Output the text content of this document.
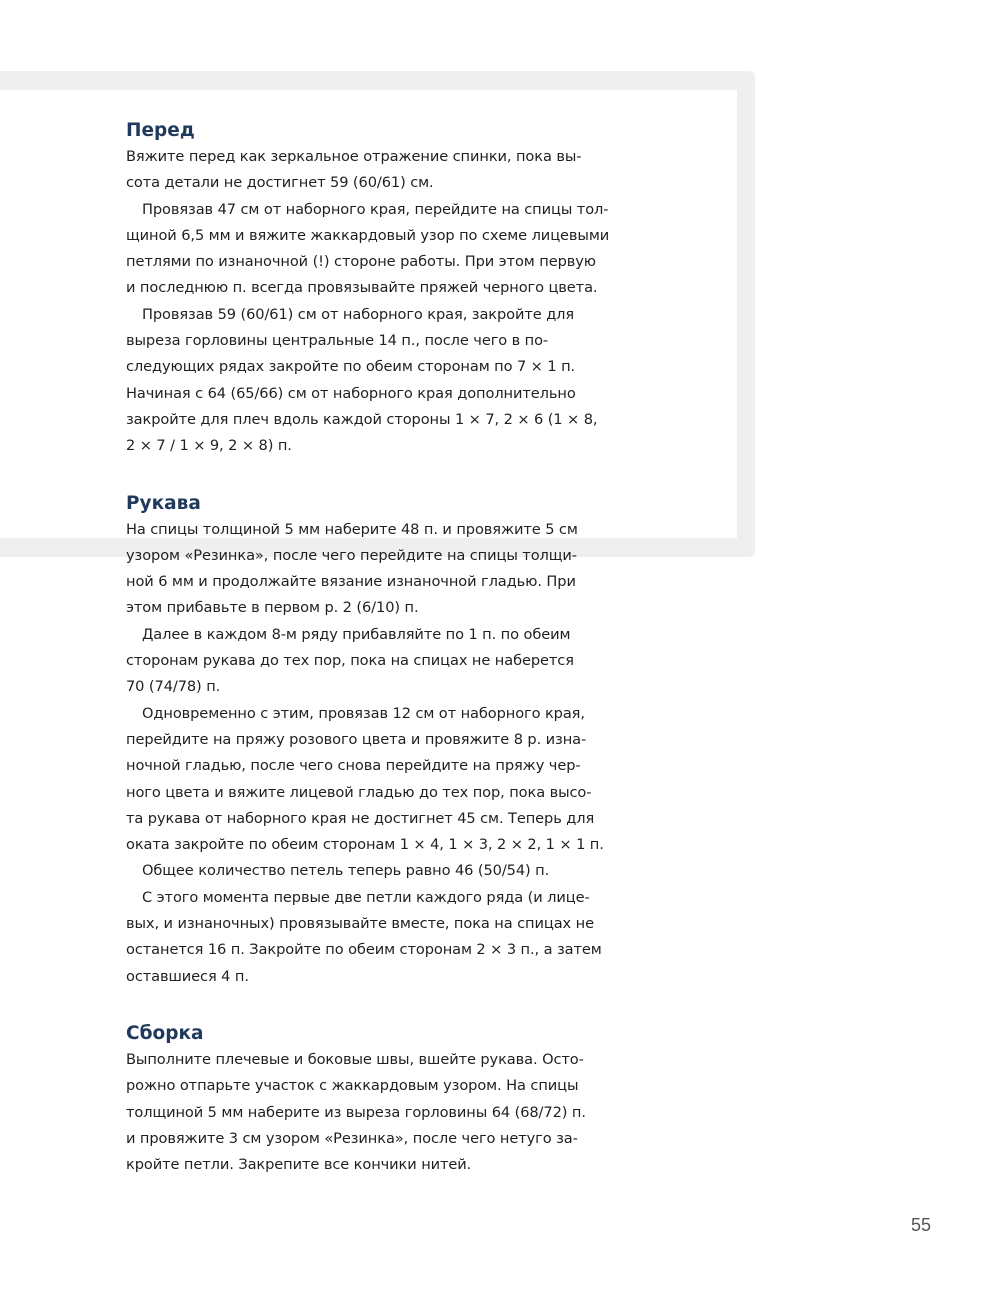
Перед
Вяжите перед как зеркальное отражение спинки, пока вы-
сота детали не достигнет 59 (60/61) см.
Провязав 47 см от наборного края, перейдите на спицы тол-
щиной 6,5 мм и вяжите жаккардовый узор по схеме лицевыми
петлями по изнаночной (!) стороне работы. При этом первую
и последнюю п. всегда провязывайте пряжей черного цвета.
Провязав 59 (60/61) см от наборного края, закройте для
выреза горловины центральные 14 п., после чего в по-
следующих рядах закройте по обеим сторонам по 7 × 1 п.
Начиная с 64 (65/66) см от наборного края дополнительно
закройте для плеч вдоль каждой стороны 1 × 7, 2 × 6 (1 × 8,
2 × 7 / 1 × 9, 2 × 8) п.
Рукава
На спицы толщиной 5 мм наберите 48 п. и провяжите 5 см
узором «Резинка», после чего перейдите на спицы толщи-
ной 6 мм и продолжайте вязание изнаночной гладью. При
этом прибавьте в первом р. 2 (6/10) п.
Далее в каждом 8-м ряду прибавляйте по 1 п. по обеим
сторонам рукава до тех пор, пока на спицах не наберется
70 (74/78) п.
Одновременно с этим, провязав 12 см от наборного края,
перейдите на пряжу розового цвета и провяжите 8 р. изна-
ночной гладью, после чего снова перейдите на пряжу чер-
ного цвета и вяжите лицевой гладью до тех пор, пока высо-
та рукава от наборного края не достигнет 45 см. Теперь для
оката закройте по обеим сторонам 1 × 4, 1 × 3, 2 × 2, 1 × 1 п.
Общее количество петель теперь равно 46 (50/54) п.
С этого момента первые две петли каждого ряда (и лице-
вых, и изнаночных) провязывайте вместе, пока на спицах не
останется 16 п. Закройте по обеим сторонам 2 × 3 п., а затем
оставшиеся 4 п.
Сборка
Выполните плечевые и боковые швы, вшейте рукава. Осто-
рожно отпарьте участок с жаккардовым узором. На спицы
толщиной 5 мм наберите из выреза горловины 64 (68/72) п.
и провяжите 3 см узором «Резинка», после чего нетуго за-
кройте петли. Закрепите все кончики нитей.
55
